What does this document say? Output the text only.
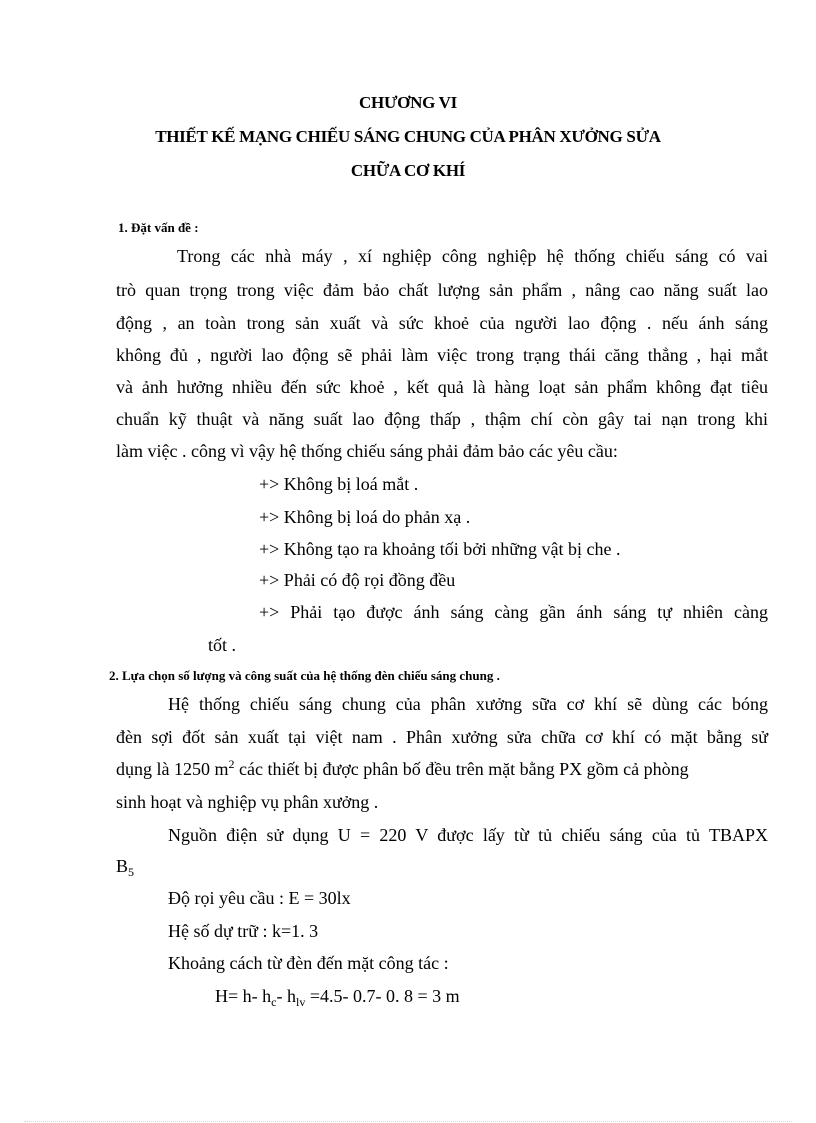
CHƯƠNG VI
THIẾT KẾ MẠNG CHIẾU SÁNG CHUNG CỦA PHÂN XƯỞNG SỬA
CHỮA CƠ KHÍ
1. Đặt vấn đề :
Trong các nhà máy , xí nghiệp công nghiệp hệ thống chiếu sáng có vai
trò quan trọng trong việc đảm bảo chất lượng sản phẩm , nâng cao năng suất lao
động , an toàn trong sản xuất và sức khoẻ của người lao động . nếu ánh sáng
không đủ , người lao động sẽ phải làm việc trong trạng thái căng thẳng , hại mắt
và ảnh hưởng nhiều đến sức khoẻ , kết quả là hàng loạt sản phẩm không đạt tiêu
chuẩn kỹ thuật và năng suất lao động thấp , thậm chí còn gây tai nạn trong khi
làm việc . công vì vậy hệ thống chiếu sáng phải đảm bảo các yêu cầu:
+> Không bị loá mắt .
+> Không bị loá do phản xạ .
+> Không tạo ra khoảng tối bởi những vật bị che .
+> Phải có độ rọi đồng đều
+> Phải tạo được ánh sáng càng gần ánh sáng tự nhiên càng
tốt .
2. Lựa chọn số lượng và công suất của hệ thống đèn chiếu sáng chung .
Hệ thống chiếu sáng chung của phân xưởng sữa cơ khí sẽ dùng các bóng
đèn sợi đốt sản xuất tại việt nam . Phân xưởng sửa chữa cơ khí có mặt bằng sử
dụng là 1250 $m^2$ các thiết bị được phân bố đều trên mặt bằng PX gồm cả phòng
sinh hoạt và nghiệp vụ phân xưởng .
Nguồn điện sử dụng U = 220 V được lấy từ tủ chiếu sáng của tủ TBAPX
$B_5$
Độ rọi yêu cầu : E = 30lx
Hệ số dự trữ : k=1. 3
Khoảng cách từ đèn đến mặt công tác :
H= h- $h_c-$ $h_{lv} =4.5-$ 0.7- 0. 8 = 3 m
